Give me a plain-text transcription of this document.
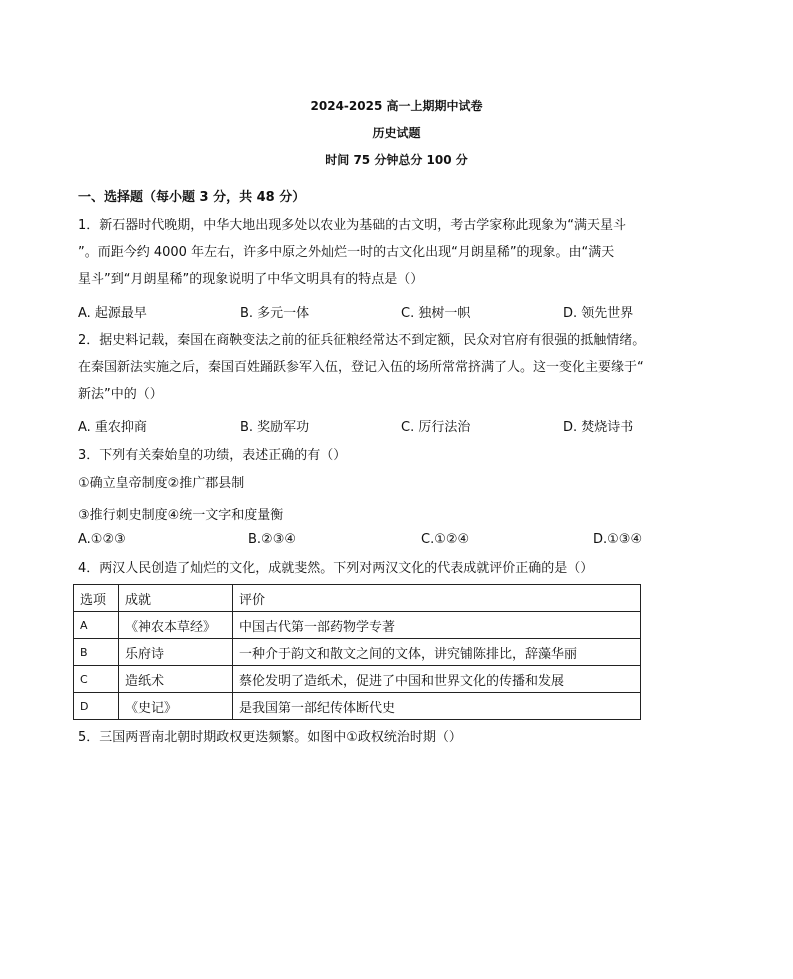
2024-2025 高一上期期中试卷
历史试题
时间 75 分钟总分 100 分
一、选择题（每小题 3 分，共 48 分）
1．新石器时代晚期，中华大地出现多处以农业为基础的古文明，考古学家称此现象为“满天星斗
”。而距今约 4000 年左右，许多中原之外灿烂一时的古文化出现“月朗星稀”的现象。由“满天
星斗”到“月朗星稀”的现象说明了中华文明具有的特点是（）
A. 起源最早	B. 多元一体	C. 独树一帜	D. 领先世界
2．据史料记载，秦国在商鞅变法之前的征兵征粮经常达不到定额，民众对官府有很强的抵触情绪。
在秦国新法实施之后，秦国百姓踊跃参军入伍，登记入伍的场所常常挤满了人。这一变化主要缘于“
新法”中的（）
A. 重农抑商	B. 奖励军功	C. 厉行法治	D. 焚烧诗书
3．下列有关秦始皇的功绩，表述正确的有（）
①确立皇帝制度②推广郡县制
③推行刺史制度④统一文字和度量衡
A.①②③	B.②③④	C.①②④	D.①③④
4．两汉人民创造了灿烂的文化，成就斐然。下列对两汉文化的代表成就评价正确的是（）
选项	成就	评价
A	《神农本草经》	中国古代第一部药物学专著
B	乐府诗	一种介于韵文和散文之间的文体，讲究铺陈排比，辞藻华丽
C	造纸术	蔡伦发明了造纸术，促进了中国和世界文化的传播和发展
D	《史记》	是我国第一部纪传体断代史
5．三国两晋南北朝时期政权更迭频繁。如图中①政权统治时期（）
